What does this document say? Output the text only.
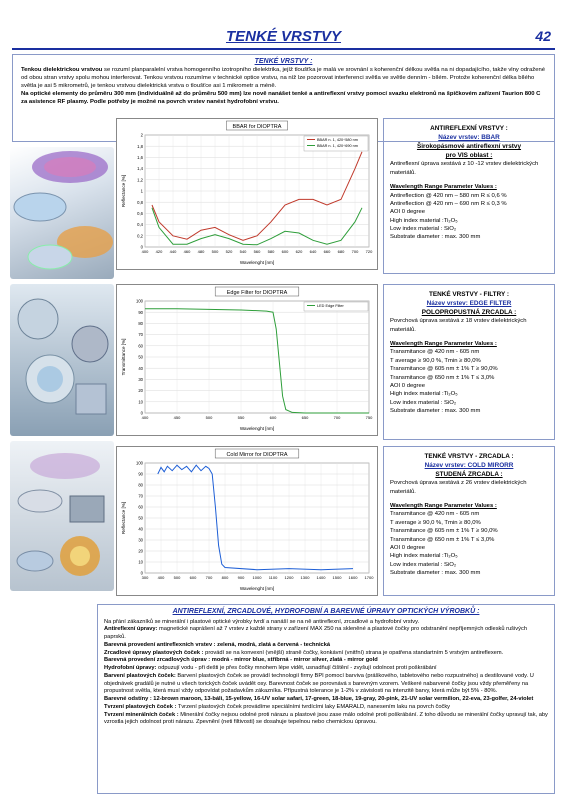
TENKÉ VRSTVY	42
TENKÉ VRSTVY :
Tenkou dielektrickou vrstvou se rozumí planparalelní vrstva homogenního izotropního dielektrika, jejíž tloušťka je malá ve srovnání s koherenční délkou světla na ni dopadajícího, takže vlny odražené od obou stran vrstvy spolu mohou interferovat. Tenkou vrstvou rozumíme v technické optice vrstvu, na níž lze pozorovat interferenci světla ve světle denním - bílém. Protože koherenční délka bílého světla je asi 5 mikrometrů, je tenkou vrstvou dielektrická vrstva o tloušťce asi 1 mikrometr a méně.
Na optické elementy do průměru 300 mm (individuálně až do průměru 500 mm) lze nově nanášet tenké a antireflexní vrstvy pomocí svazku elektronů na špičkovém zařízení Taurion 800 C za asistence RF plasmy. Podle potřeby je možné na povrch vrstev nanést hydrofobní vrstvu.
BBAR for DIOPTRA
0
0,2
0,4
0,6
0,8
1
1,2
1,4
1,6
1,8
2
400 420 440 460 480 500 520 540 560 580 600 620 640 660 680 700 720
Wavelenght [nm]
Reflectance [%]
BBAR n. 1, 420÷580 nm
BBAR n. 1, 420÷690 nm
Edge Filter for DIOPTRA
0
10
20
30
40
50
60
70
80
90
100
400	450	500	550	600	650	700	750
Wavelenght [nm]
Transmittance [%]
LED Edge Filter
Cold Mirror for DIOPTRA
0
10
20
30
40
50
60
70
80
90
100
300 400 500 600 700 800 900 1000 1100 1200 1300 1400 1500 1600 1700
Wavelenght [nm]
Reflectance [%]
ANTIREFLEXNÍ VRSTVY :
Název vrstev: BBAR
Širokopásmové antireflexní vrstvy
pro VIS oblast :
Antireflexní úprava sestává z 10 -12 vrstev dielektrických materiálů.
Wavelength Range Parameter Values :
Antireflection @ 420 nm – 580 nm R ≤ 0,6 %
Antireflection @ 420 nm – 690 nm R ≤ 0,3 %
AOI 0 degree
High index material :Ti₂O₅
Low index material : SiO₂
Substrate diameter : max. 300 mm
TENKÉ VRSTVY - FILTRY :
Název vrstev: EDGE FILTER
POLOPROPUSTNÁ ZRCADLA :
Povrchová úprava sestává z 18 vrstev dielektrických materiálů.
Wavelength Range Parameter Values :
Transmitance @ 420 nm - 605 nm
T average ≥ 90,0 %, Tmin ≥ 80,0%
Transmitance @ 605 nm ± 1% T ≥ 90,0%
Transmitance @ 650 nm ± 1% T ≤ 3,0%
AOI 0 degree
High index material :Ti₂O₅
Low index material : SiO₂
Substrate diameter : max. 300 mm
TENKÉ VRSTVY - ZRCADLA :
Název vrstev: COLD MIRORR
STUDENÁ ZRCADLA :
Povrchová úprava sestává z 26 vrstev dielektrických materiálů.
Wavelength Range Parameter Values :
Transmitance @ 420 nm - 605 nm
T average ≥ 90,0 %, Tmin ≥ 80,0%
Transmitance @ 605 nm ± 1% T ≥ 90,0%
Transmitance @ 650 nm ± 1% T ≤ 3,0%
AOI 0 degree
High index material :Ti₂O₅
Low index material : SiO₂
Substrate diameter : max. 300 mm
ANTIREFLEXNÍ, ZRCADLOVÉ, HYDROFOBNÍ A BAREVNÉ ÚPRAVY OPTICKÝCH VÝROBKŮ :
Na přání zákazníků se minerální i plastové optické výrobky tvrdí a nanáší se na ně antireflexní, zrcadlové a hydrofobní vrstvy.
Antireflexní úpravy: magnetické naprášení až 7 vrstev z každé strany v zařízení MAX 250 na skleněné a plastové čočky pro odstranění nepříjemných odlesků rušivých paprsků.
Barevná provedení antireflexních vrstev : zelená, modrá, zlatá a červená - technická
Zrcadlové úpravy plastových čoček : provádí se na konvexní (vnější) straně čočky, konkávní (vnitřní) strana je opatřena standartním 5 vrstvým antireflexem.
Barevná provedení zrcadlových úprav : modrá - mirror blue, stříbrná - mirror silver, zlatá - mirror gold
Hydrofobní úpravy: odpuzují vodu - při dešti je přes čočky mnohem lépe vidět, usnadňují čištění - zvyšují odolnost proti poškrábání
Barvení plastových čoček: Barvení plastových čoček se provádí technologií firmy BPI pomocí barviva (práškového, tabletového nebo rozpustného) a destilované vody. U objednávek gradálů je nutné u všech torických čoček uvádět osy. Barevnost čoček se porovnává s barevným vzorem. Veškeré nabarvené čočky jsou vždy přeměřeny na propustnost světla, která musí vždy odpovídat požadavkům zákazníka. Přípustná tolerance je 1-2% v závislosti na intenzitě barvy, která může být 5% - 80%.
Barevné odstíny : 12-brown maroon, 13-báli, 15-yellow, 16-UV solar safari, 17-green, 18-blue, 19-gray, 20-pink, 21-UV solar vermilion, 22-eva, 23-golfer, 24-violet
Tvrzení plastových čoček : Tvrzení plastových čoček provádíme speciálními tvrdícími laky EMARALD, nanesením laku na povrch čočky
Tvrzení minerálních čoček : Minerální čočky nejsou odolné proti nárazu a plastové jsou zase málo odolné proti poškrábání. Z toho důvodu se minerální čočky upravují tak, aby vzrostla jejich odolnost proti nárazu. Zpevnění (neti filtivosti) se dosahuje tepelnou nebo chemickou úpravou.
